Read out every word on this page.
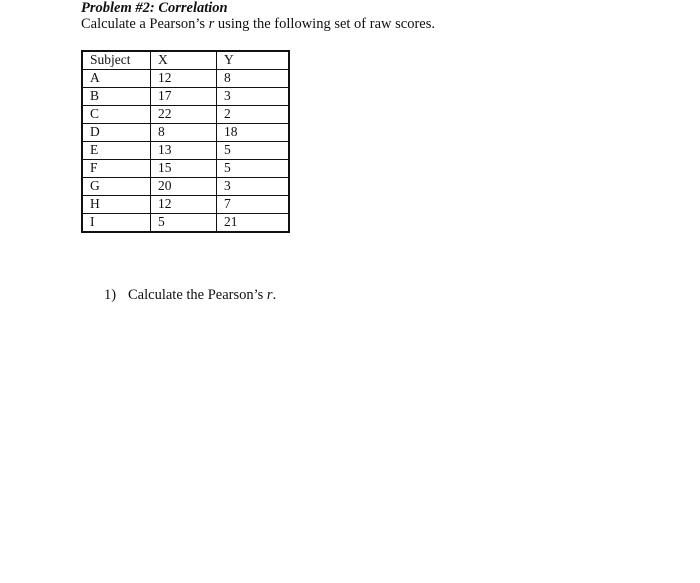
Problem #2: Correlation
Calculate a Pearson’s r using the following set of raw scores.
Subject	X	Y
A	12	8
B	17	3
C	22	2
D	8	18
E	13	5
F	15	5
G	20	3
H	12	7
I	5	21
1) Calculate the Pearson’s r.
